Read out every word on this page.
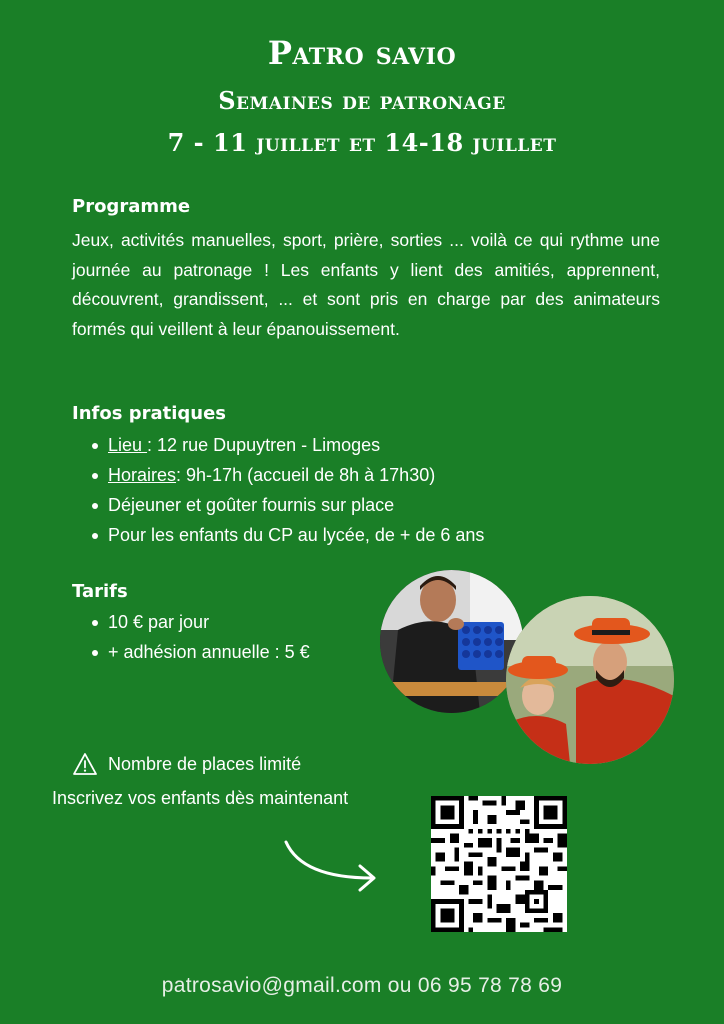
Patro savio
Semaines de patronage
7 - 11 juillet et 14-18 juillet
Programme

Jeux, activités manuelles, sport, prière, sorties ... voilà ce qui rythme une journée au patronage ! Les enfants y lient des amitiés, apprennent, découvrent, grandissent, ... et sont pris en charge par des animateurs formés qui veillent à leur épanouissement.

Infos pratiques
Lieu : 12 rue Dupuytren - Limoges
Horaires: 9h-17h (accueil de 8h à 17h30)
Déjeuner et goûter fournis sur place
Pour les enfants du CP au lycée, de + de 6 ans
Tarifs
10 € par jour
+ adhésion annuelle : 5 €
Nombre de places limité
Inscrivez vos enfants dès maintenant
patrosavio@gmail.com ou 06 95 78 78 69
